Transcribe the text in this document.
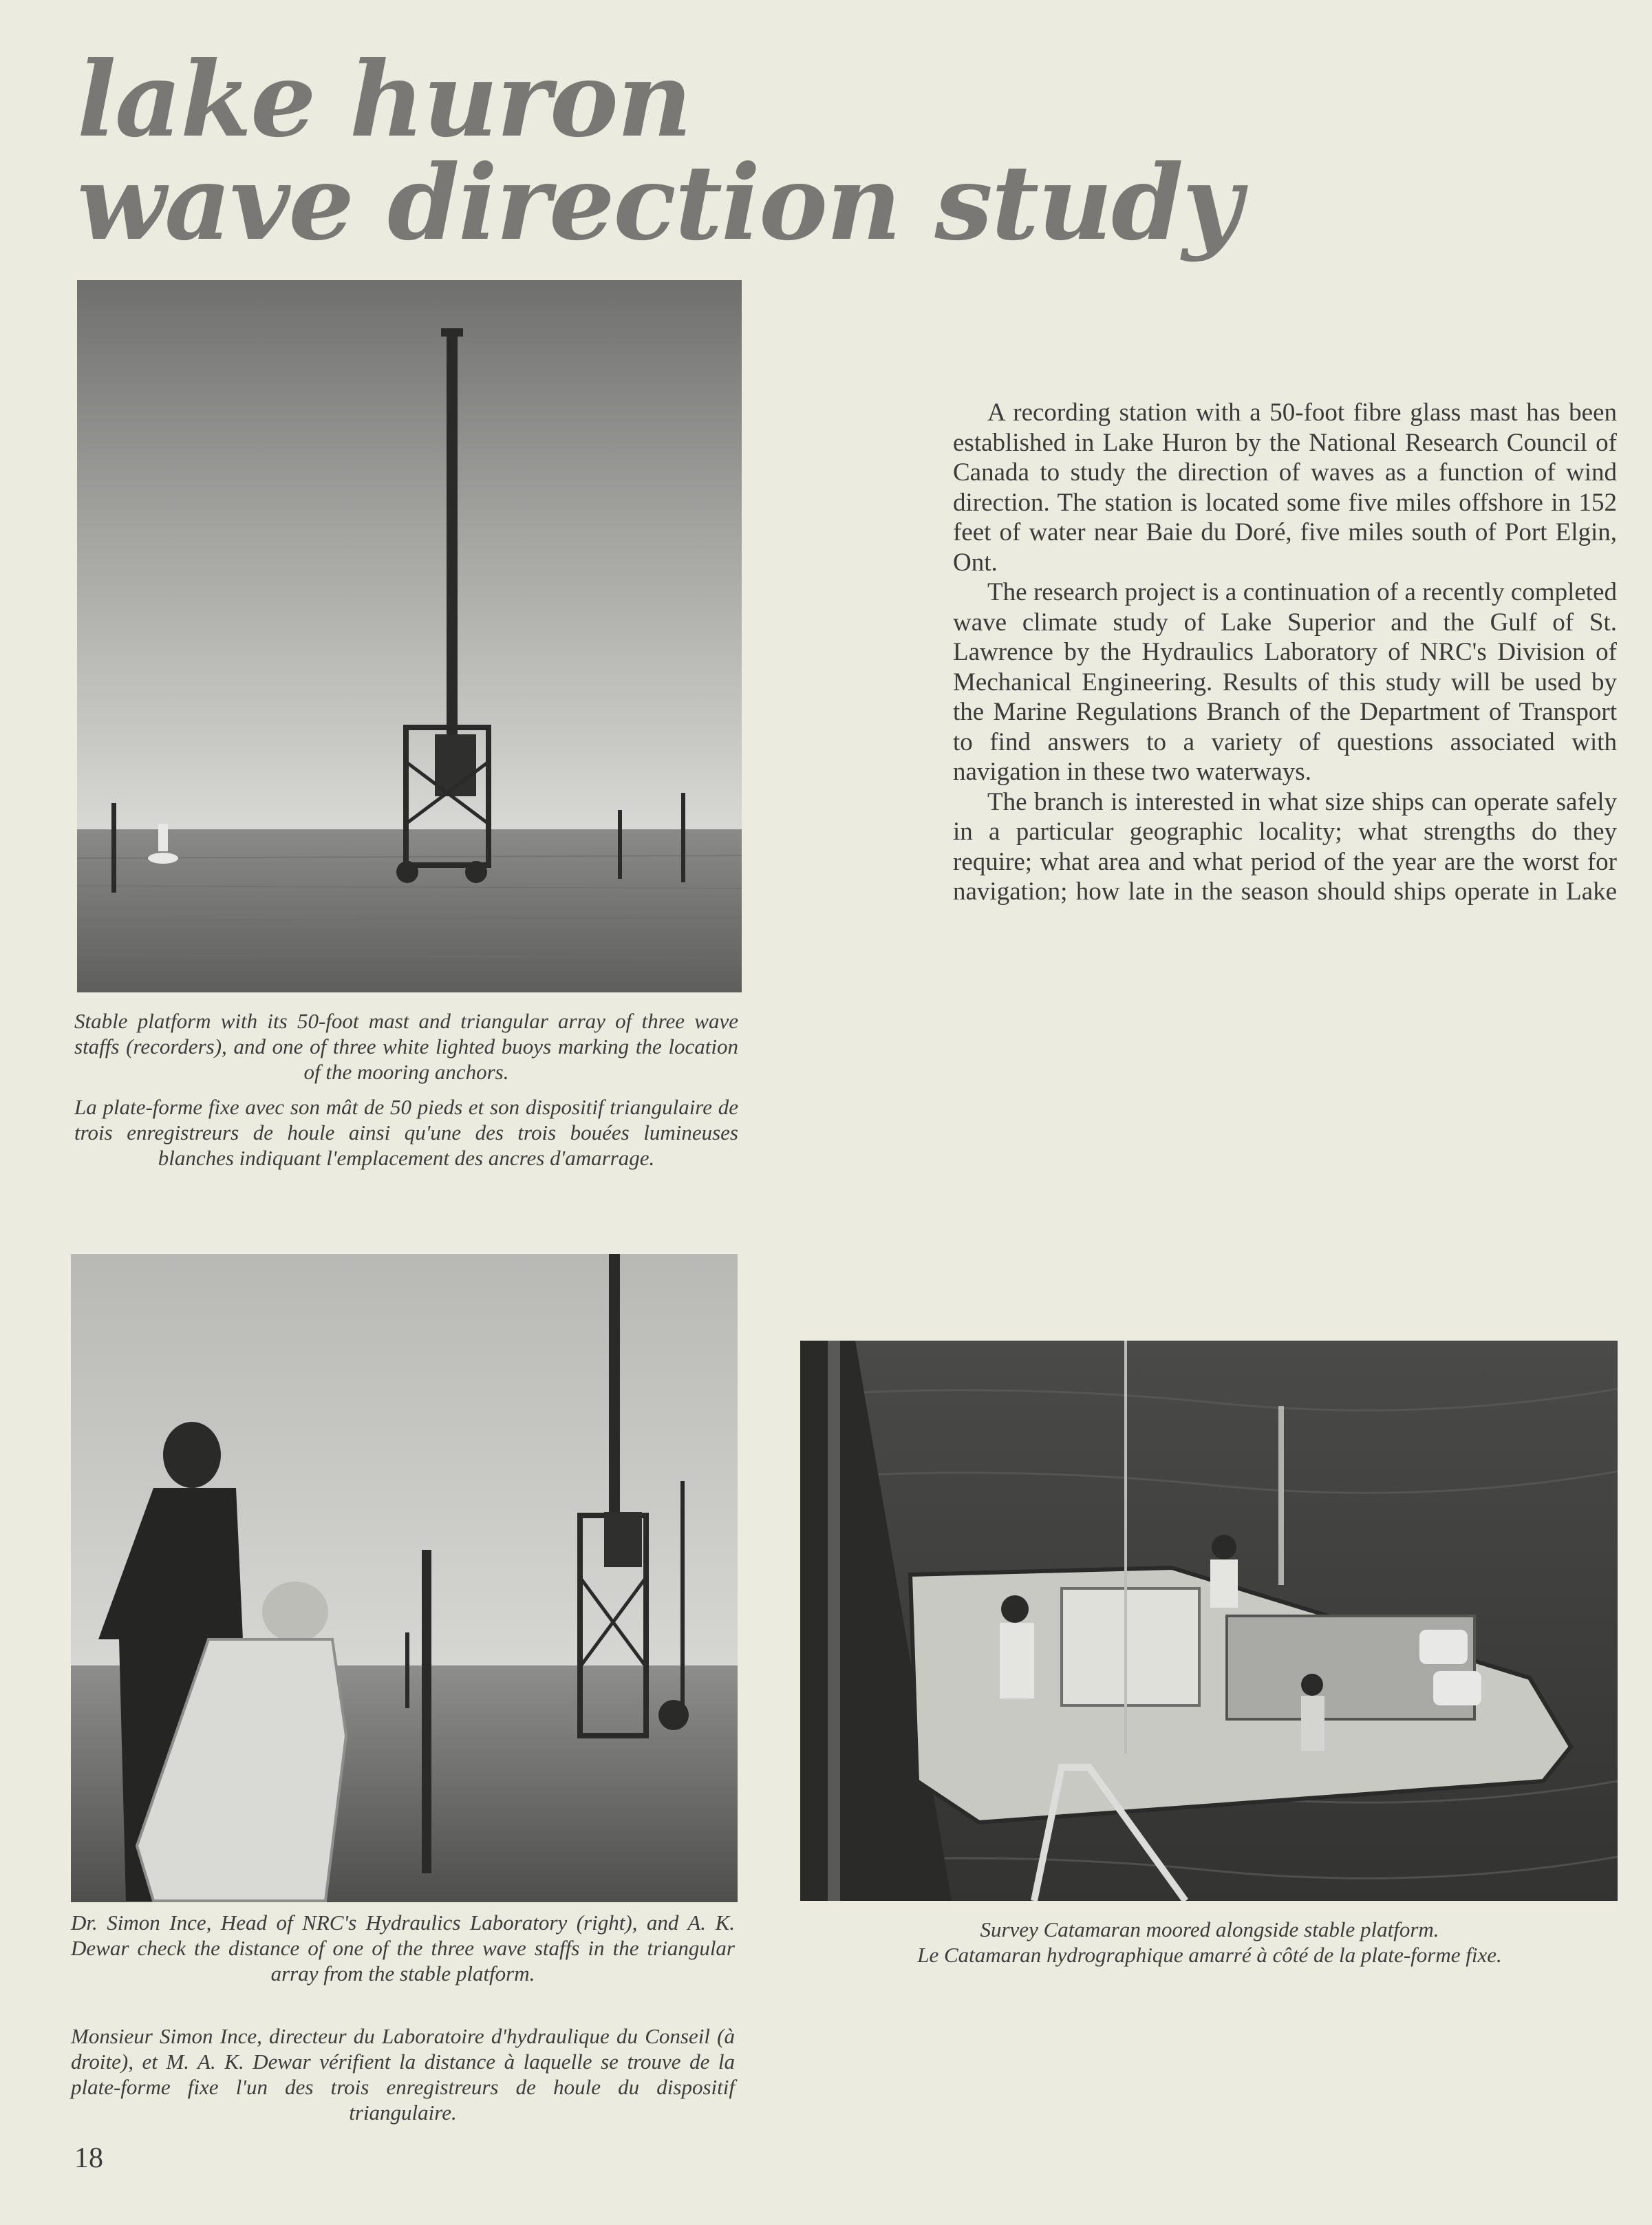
lake huron
wave direction study

Stable platform with its 50-foot mast and triangular array of three wave staffs (recorders), and one of three white lighted buoys marking the location of the mooring anchors.

La plate-forme fixe avec son mât de 50 pieds et son dispositif triangulaire de trois enregistreurs de houle ainsi qu'une des trois bouées lumineuses blanches indiquant l'emplacement des ancres d'amarrage.

A recording station with a 50-foot fibre glass mast has been established in Lake Huron by the National Research Council of Canada to study the direction of waves as a function of wind direction. The station is located some five miles offshore in 152 feet of water near Baie du Doré, five miles south of Port Elgin, Ont.

The research project is a continuation of a recently completed wave climate study of Lake Superior and the Gulf of St. Lawrence by the Hydraulics Laboratory of NRC's Division of Mechanical Engineering. Results of this study will be used by the Marine Regulations Branch of the Department of Transport to find answers to a variety of questions associated with navigation in these two waterways.

The branch is interested in what size ships can operate safely in a particular geographic locality; what strengths do they require; what area and what period of the year are the worst for navigation; how late in the season should ships operate in Lake

Dr. Simon Ince, Head of NRC's Hydraulics Laboratory (right), and A. K. Dewar check the distance of one of the three wave staffs in the triangular array from the stable platform.

Monsieur Simon Ince, directeur du Laboratoire d'hydraulique du Conseil (à droite), et M. A. K. Dewar vérifient la distance à laquelle se trouve de la plate-forme fixe l'un des trois enregistreurs de houle du dispositif triangulaire.

Survey Catamaran moored alongside stable platform.

Le Catamaran hydrographique amarré à côté de la plate-forme fixe.

18
